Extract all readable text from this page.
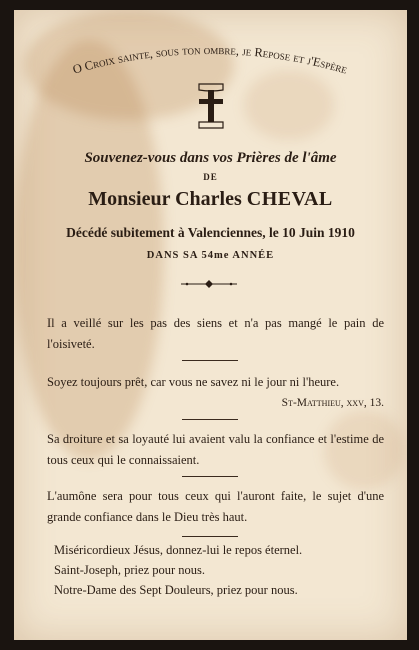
O Croix sainte, sous ton ombre, je Repose et j'Espère
Souvenez-vous dans vos Prières de l'âme
DE
Monsieur Charles CHEVAL
Décédé subitement à Valenciennes, le 10 Juin 1910
DANS SA 54me ANNÉE
Il a veillé sur les pas des siens et n'a pas mangé le pain de l'oisiveté.
Soyez toujours prêt, car vous ne savez ni le jour ni l'heure.
St-Matthieu, xxv, 13.
Sa droiture et sa loyauté lui avaient valu la confiance et l'estime de tous ceux qui le connaissaient.
L'aumône sera pour tous ceux qui l'auront faite, le sujet d'une grande confiance dans le Dieu très haut.
Miséricordieux Jésus, donnez-lui le repos éternel.
Saint-Joseph, priez pour nous.
Notre-Dame des Sept Douleurs, priez pour nous.
